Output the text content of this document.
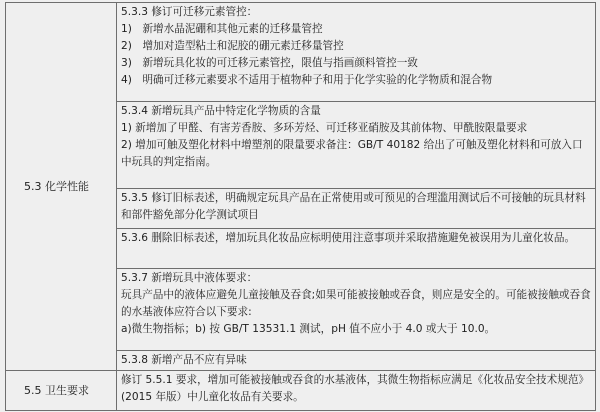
5.3 化学性能	5.3.3 修订可迁移元素管控：
1)　新增水晶泥硼和其他元素的迁移量管控
2)　增加对造型粘土和泥胶的硼元素迁移量管控
3)　新增玩具化妆的可迁移元素管控，限值与指画颜料管控一致
4)　明确可迁移元素要求不适用于植物种子和用于化学实验的化学物质和混合物

	5.3.4 新增玩具产品中特定化学物质的含量
1) 新增加了甲醛、有害芳香胺、多环芳烃、可迁移亚硝胺及其前体物、甲酰胺限量要求
2) 增加可触及塑化材料中增塑剂的限量要求备注：GB/T 40182 给出了可触及塑化材料和可放入口中玩具的判定指南。

	5.3.5 修订旧标表述，明确规定玩具产品在正常使用或可预见的合理滥用测试后不可接触的玩具材料和部件豁免部分化学测试项目

	5.3.6 删除旧标表述，增加玩具化妆品应标明使用注意事项并采取措施避免被误用为儿童化妆品。

	5.3.7 新增玩具中液体要求：
玩具产品中的液体应避免儿童接触及吞食;如果可能被接触或吞食，则应是安全的。可能被接触或吞食的水基液体应符合以下要求:
a)微生物指标；b) 按 GB/T 13531.1 测试，pH 值不应小于 4.0 或大于 10.0。

	5.3.8 新增产品不应有异味

5.5 卫生要求	修订 5.5.1 要求，增加可能被接触或吞食的水基液体，其微生物指标应满足《化妆品安全技术规范》(2015 年版）中儿童化妆品有关要求。
